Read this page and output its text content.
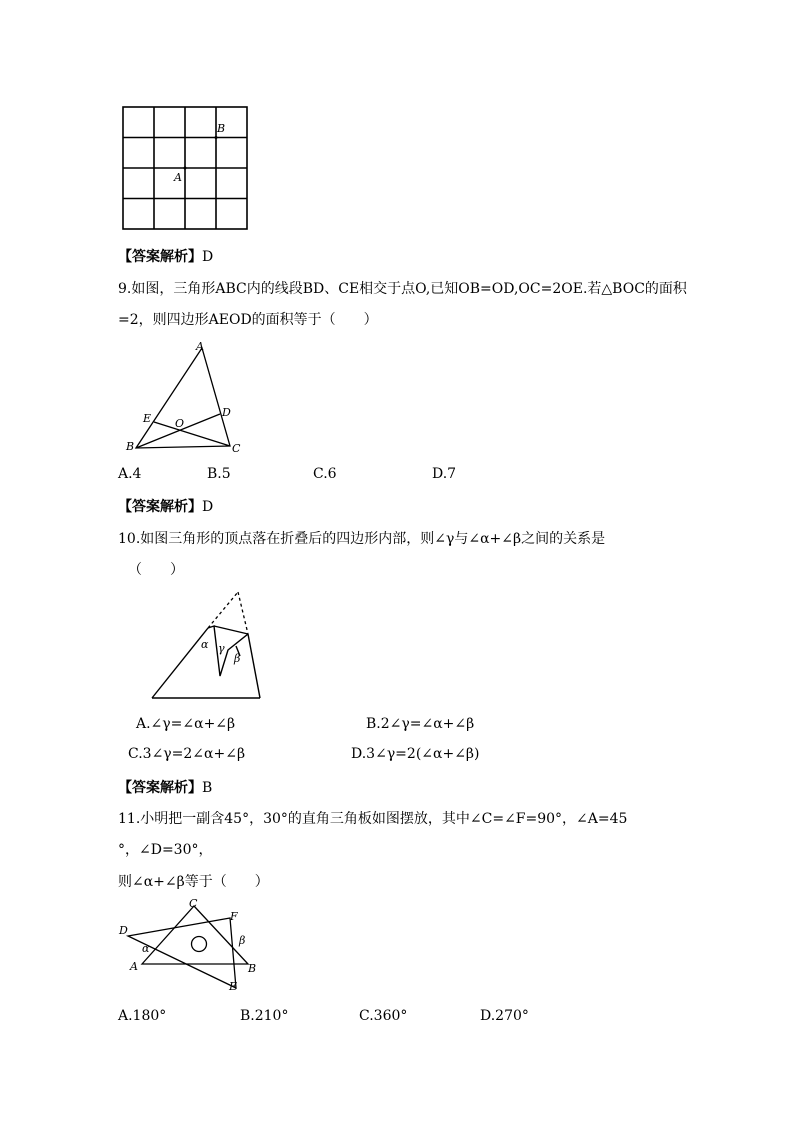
B
A
【答案解析】D
9.如图，三角形ABC内的线段BD、CE相交于点O,已知OB=OD,OC=2OE.若△BOC的面积
=2，则四边形AEOD的面积等于（　　）
A
B	C
D
E O
A.4	B.5	C.6	D.7
【答案解析】D
10.如图三角形的顶点落在折叠后的四边形内部，则∠γ与∠α+∠β之间的关系是
（　　）
α γ
β
A.∠γ=∠α+∠β	B.2∠γ=∠α+∠β
C.3∠γ=2∠α+∠β	D.3∠γ=2(∠α+∠β)
【答案解析】B
11.小明把一副含45°，30°的直角三角板如图摆放，其中∠C=∠F=90°，∠A=45
°，∠D=30°，
则∠α+∠β等于（　　）
C
F
D
α
β
A	B
E
A.180°	B.210°	C.360°	D.270°
